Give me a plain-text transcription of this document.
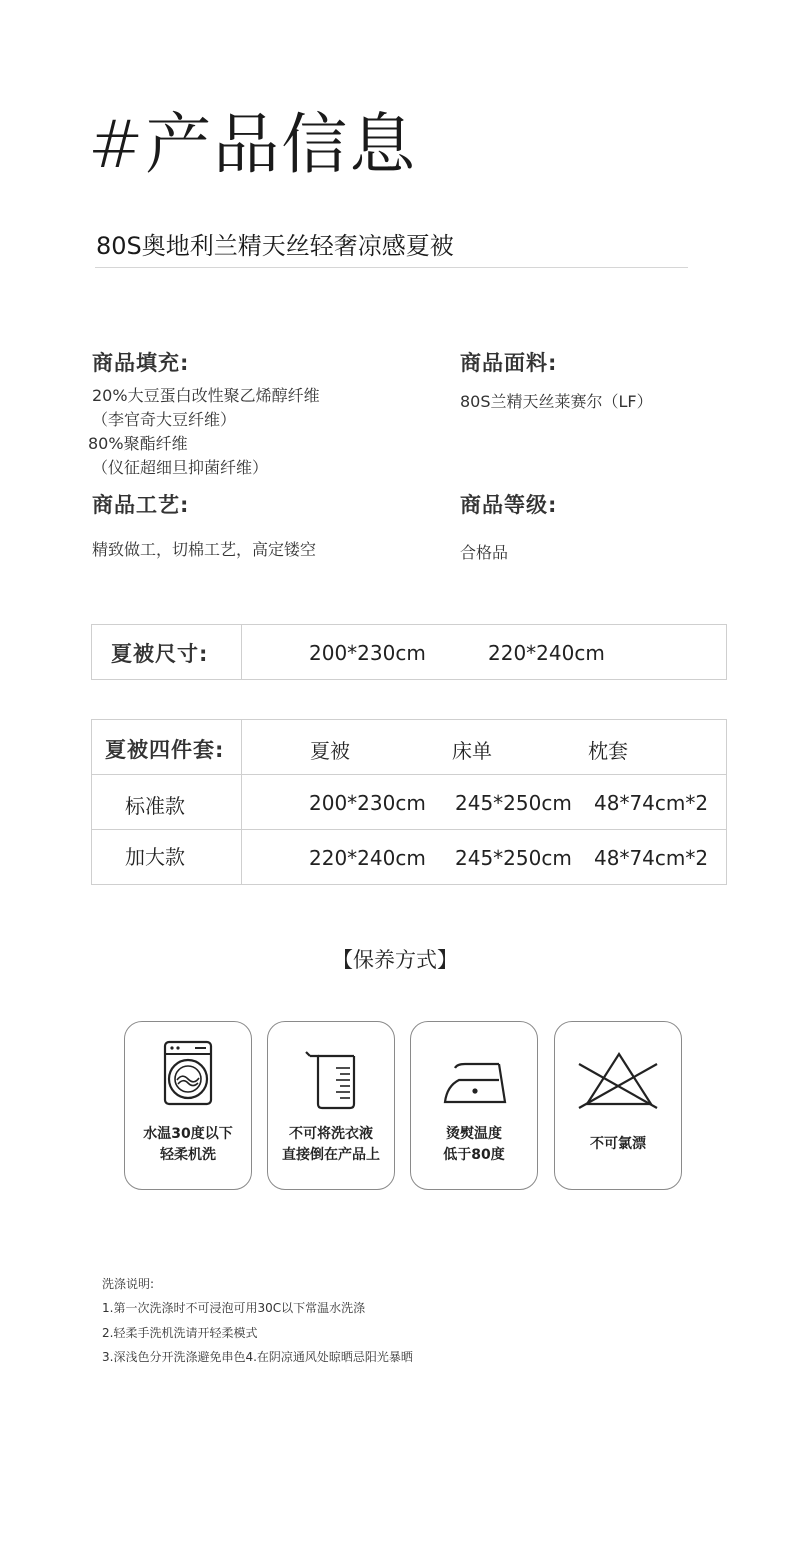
#产品信息
80S奥地利兰精天丝轻奢凉感夏被
商品填充:
20%大豆蛋白改性聚乙烯醇纤维
（李官奇大豆纤维）
80%聚酯纤维
（仪征超细旦抑菌纤维）
商品面料:
80S兰精天丝莱赛尔（LF）
商品工艺:
精致做工，切棉工艺，高定镂空
商品等级:
合格品
夏被尺寸:	200*230cm	220*240cm
夏被四件套:	夏被	床单	枕套
标准款	200*230cm 245*250cm 48*74cm*2
加大款	220*240cm 245*250cm 48*74cm*2
【保养方式】
水温30度以下
轻柔机洗
不可将洗衣液
直接倒在产品上
烫熨温度
低于80度
不可氯漂
洗涤说明:
1.第一次洗涤时不可浸泡可用30C以下常温水洗涤
2.轻柔手洗机洗请开轻柔模式
3.深浅色分开洗涤避免串色4.在阴凉通风处晾晒忌阳光暴晒
